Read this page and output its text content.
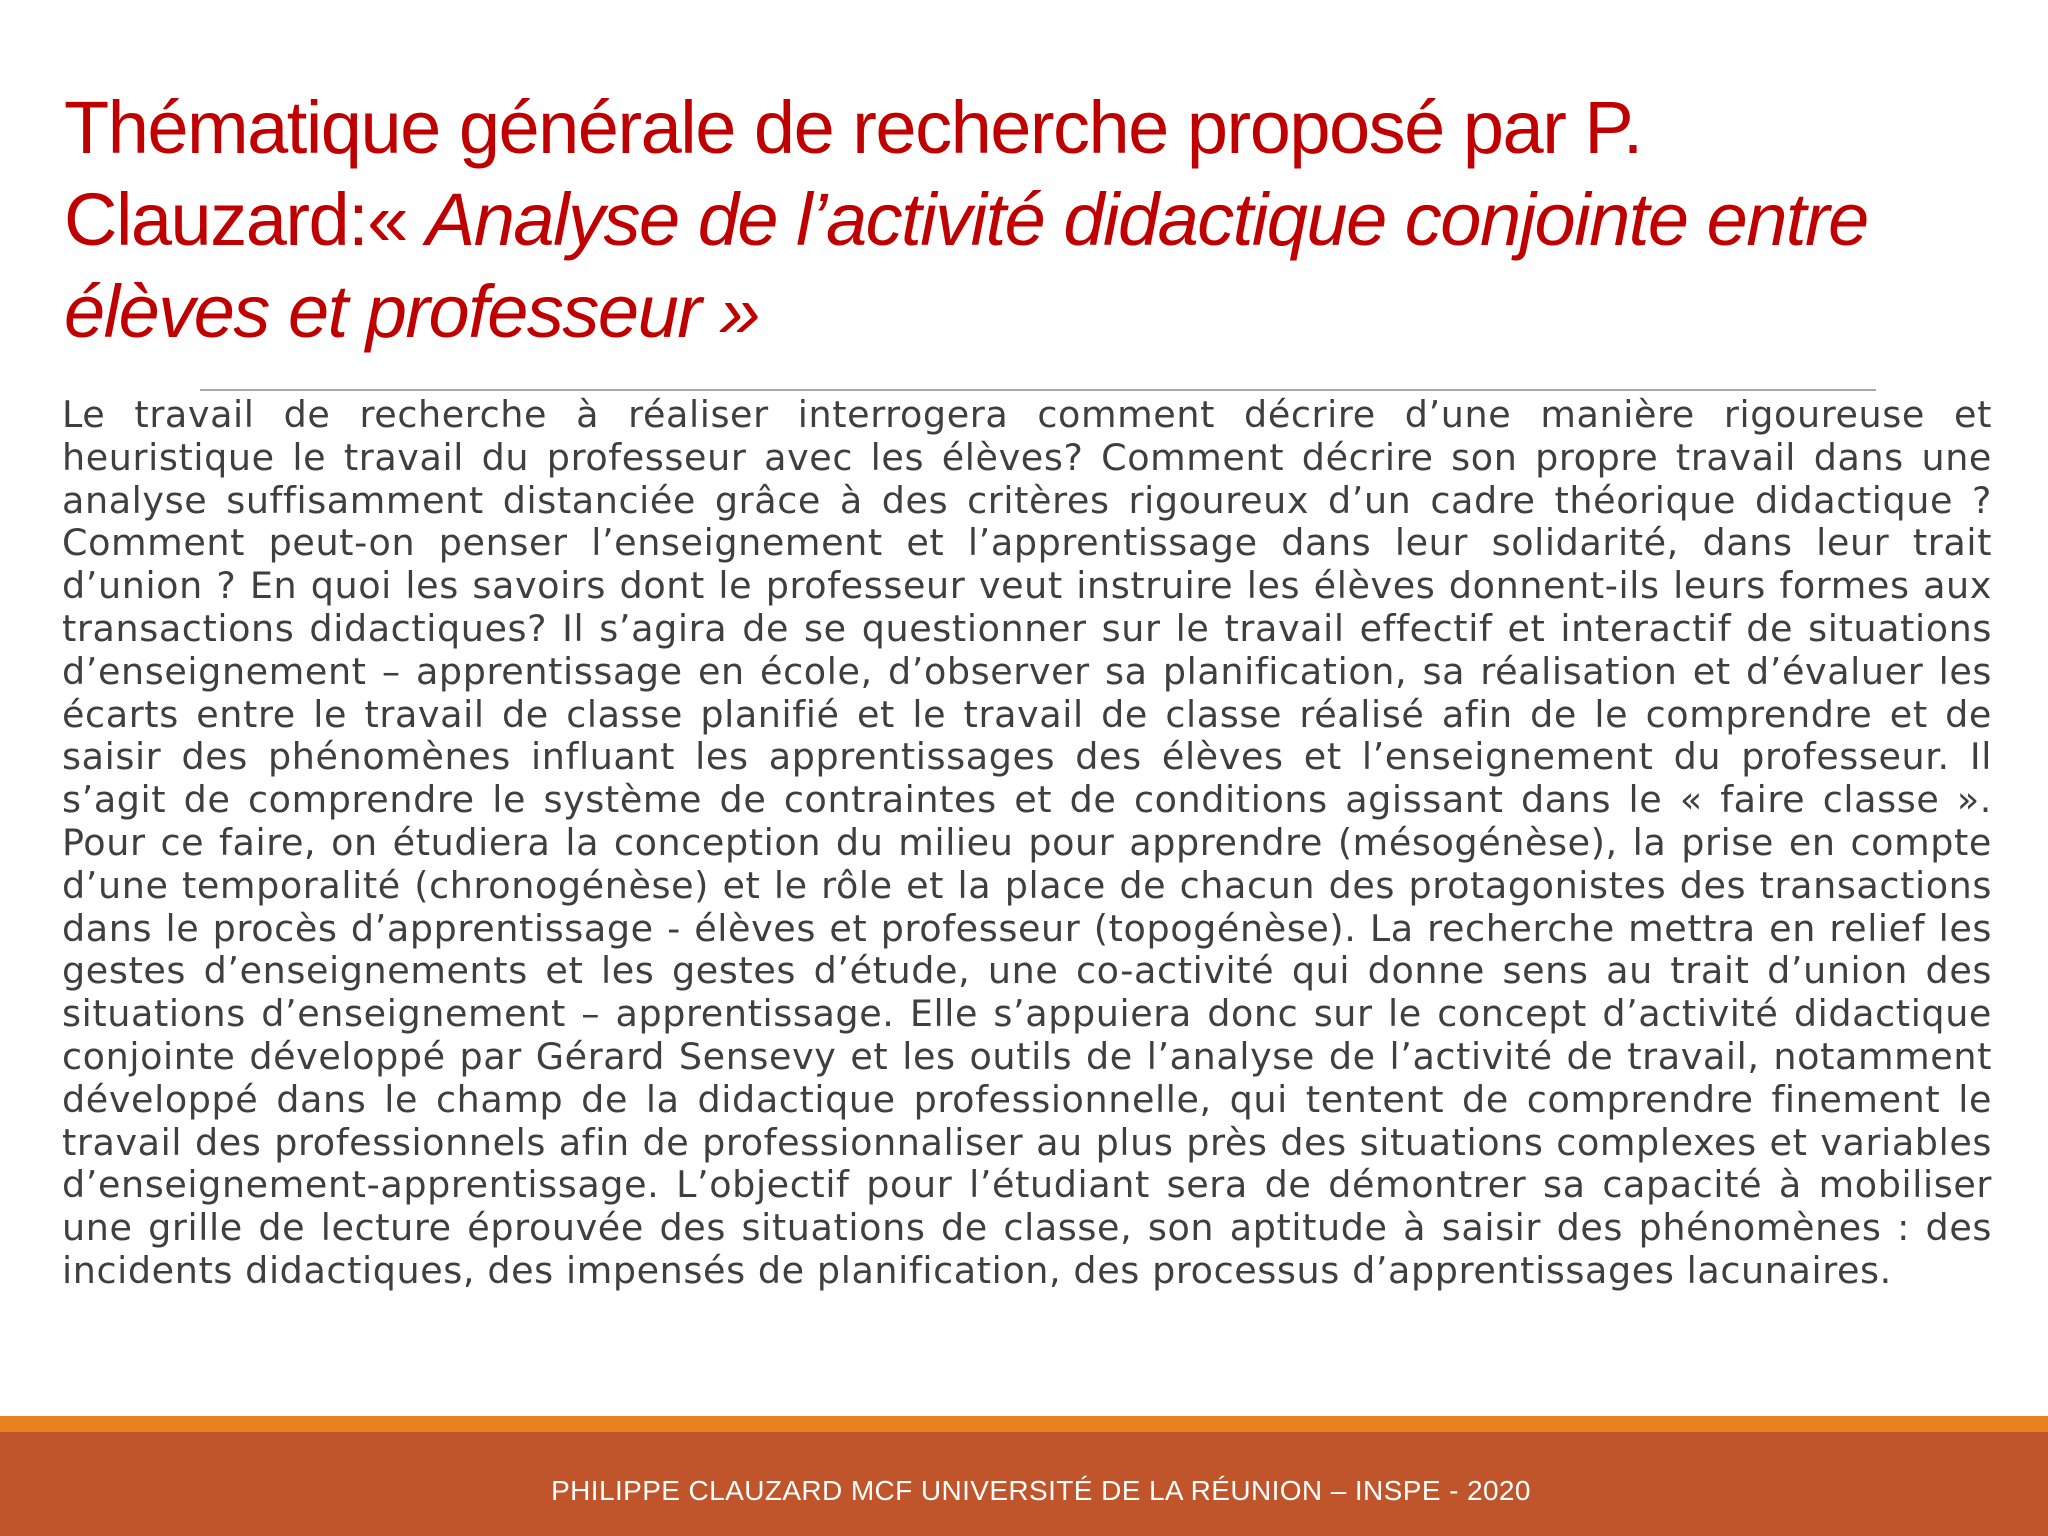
Thématique générale de recherche proposé par P. Clauzard:« Analyse de l’activité didactique conjointe entre élèves et professeur »
Le travail de recherche à réaliser interrogera comment décrire d’une manière rigoureuse et heuristique le travail du professeur avec les élèves? Comment décrire son propre travail dans une analyse suffisamment distanciée grâce à des critères rigoureux d’un cadre théorique didactique ? Comment peut-on penser l’enseignement et l’apprentissage dans leur solidarité, dans leur trait d’union ? En quoi les savoirs dont le professeur veut instruire les élèves donnent-ils leurs formes aux transactions didactiques? Il s’agira de se questionner sur le travail effectif et interactif de situations d’enseignement – apprentissage en école, d’observer sa planification, sa réalisation et d’évaluer les écarts entre le travail de classe planifié et le travail de classe réalisé afin de le comprendre et de saisir des phénomènes influant les apprentissages des élèves et l’enseignement du professeur. Il s’agit de comprendre le système de contraintes et de conditions agissant dans le « faire classe ». Pour ce faire, on étudiera la conception du milieu pour apprendre (mésogénèse), la prise en compte d’une temporalité (chronogénèse) et le rôle et la place de chacun des protagonistes des transactions dans le procès d’apprentissage - élèves et professeur (topogénèse). La recherche mettra en relief les gestes d’enseignements et les gestes d’étude, une co-activité qui donne sens au trait d’union des situations d’enseignement – apprentissage. Elle s’appuiera donc sur le concept d’activité didactique conjointe développé par Gérard Sensevy et les outils de l’analyse de l’activité de travail, notamment développé dans le champ de la didactique professionnelle, qui tentent de comprendre finement le travail des professionnels afin de professionnaliser au plus près des situations complexes et variables d’enseignement-apprentissage. L’objectif pour l’étudiant sera de démontrer sa capacité à mobiliser une grille de lecture éprouvée des situations de classe, son aptitude à saisir des phénomènes : des incidents didactiques, des impensés de planification, des processus d’apprentissages lacunaires.
PHILIPPE CLAUZARD MCF UNIVERSITÉ DE LA RÉUNION – INSPE - 2020
